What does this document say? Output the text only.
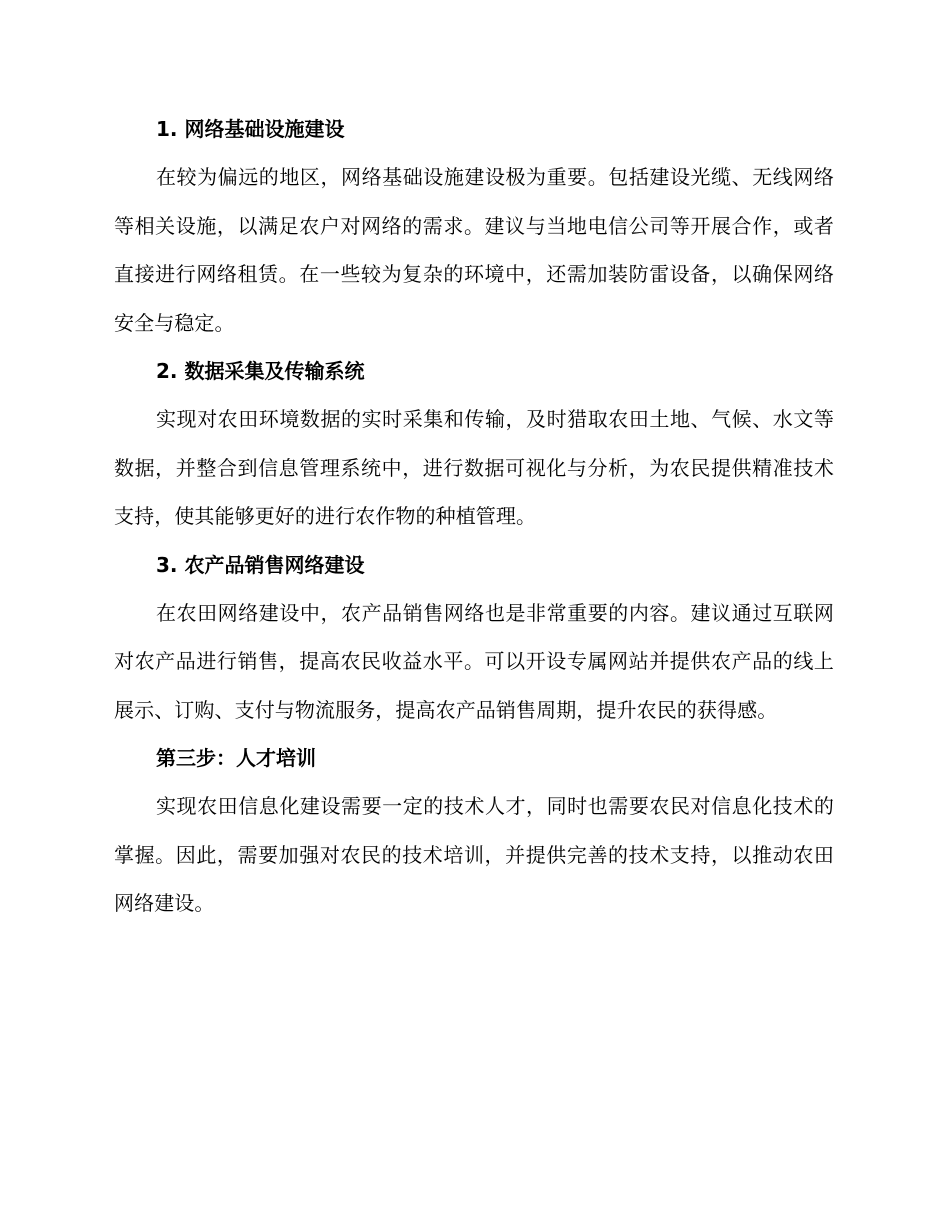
1. 网络基础设施建设

在较为偏远的地区，网络基础设施建设极为重要。包括建设光缆、无线网络等相关设施，以满足农户对网络的需求。建议与当地电信公司等开展合作，或者直接进行网络租赁。在一些较为复杂的环境中，还需加装防雷设备，以确保网络安全与稳定。

2. 数据采集及传输系统

实现对农田环境数据的实时采集和传输，及时猎取农田土地、气候、水文等数据，并整合到信息管理系统中，进行数据可视化与分析，为农民提供精准技术支持，使其能够更好的进行农作物的种植管理。

3. 农产品销售网络建设

在农田网络建设中，农产品销售网络也是非常重要的内容。建议通过互联网对农产品进行销售，提高农民收益水平。可以开设专属网站并提供农产品的线上展示、订购、支付与物流服务，提高农产品销售周期，提升农民的获得感。

第三步：人才培训

实现农田信息化建设需要一定的技术人才，同时也需要农民对信息化技术的掌握。因此，需要加强对农民的技术培训，并提供完善的技术支持，以推动农田网络建设。
